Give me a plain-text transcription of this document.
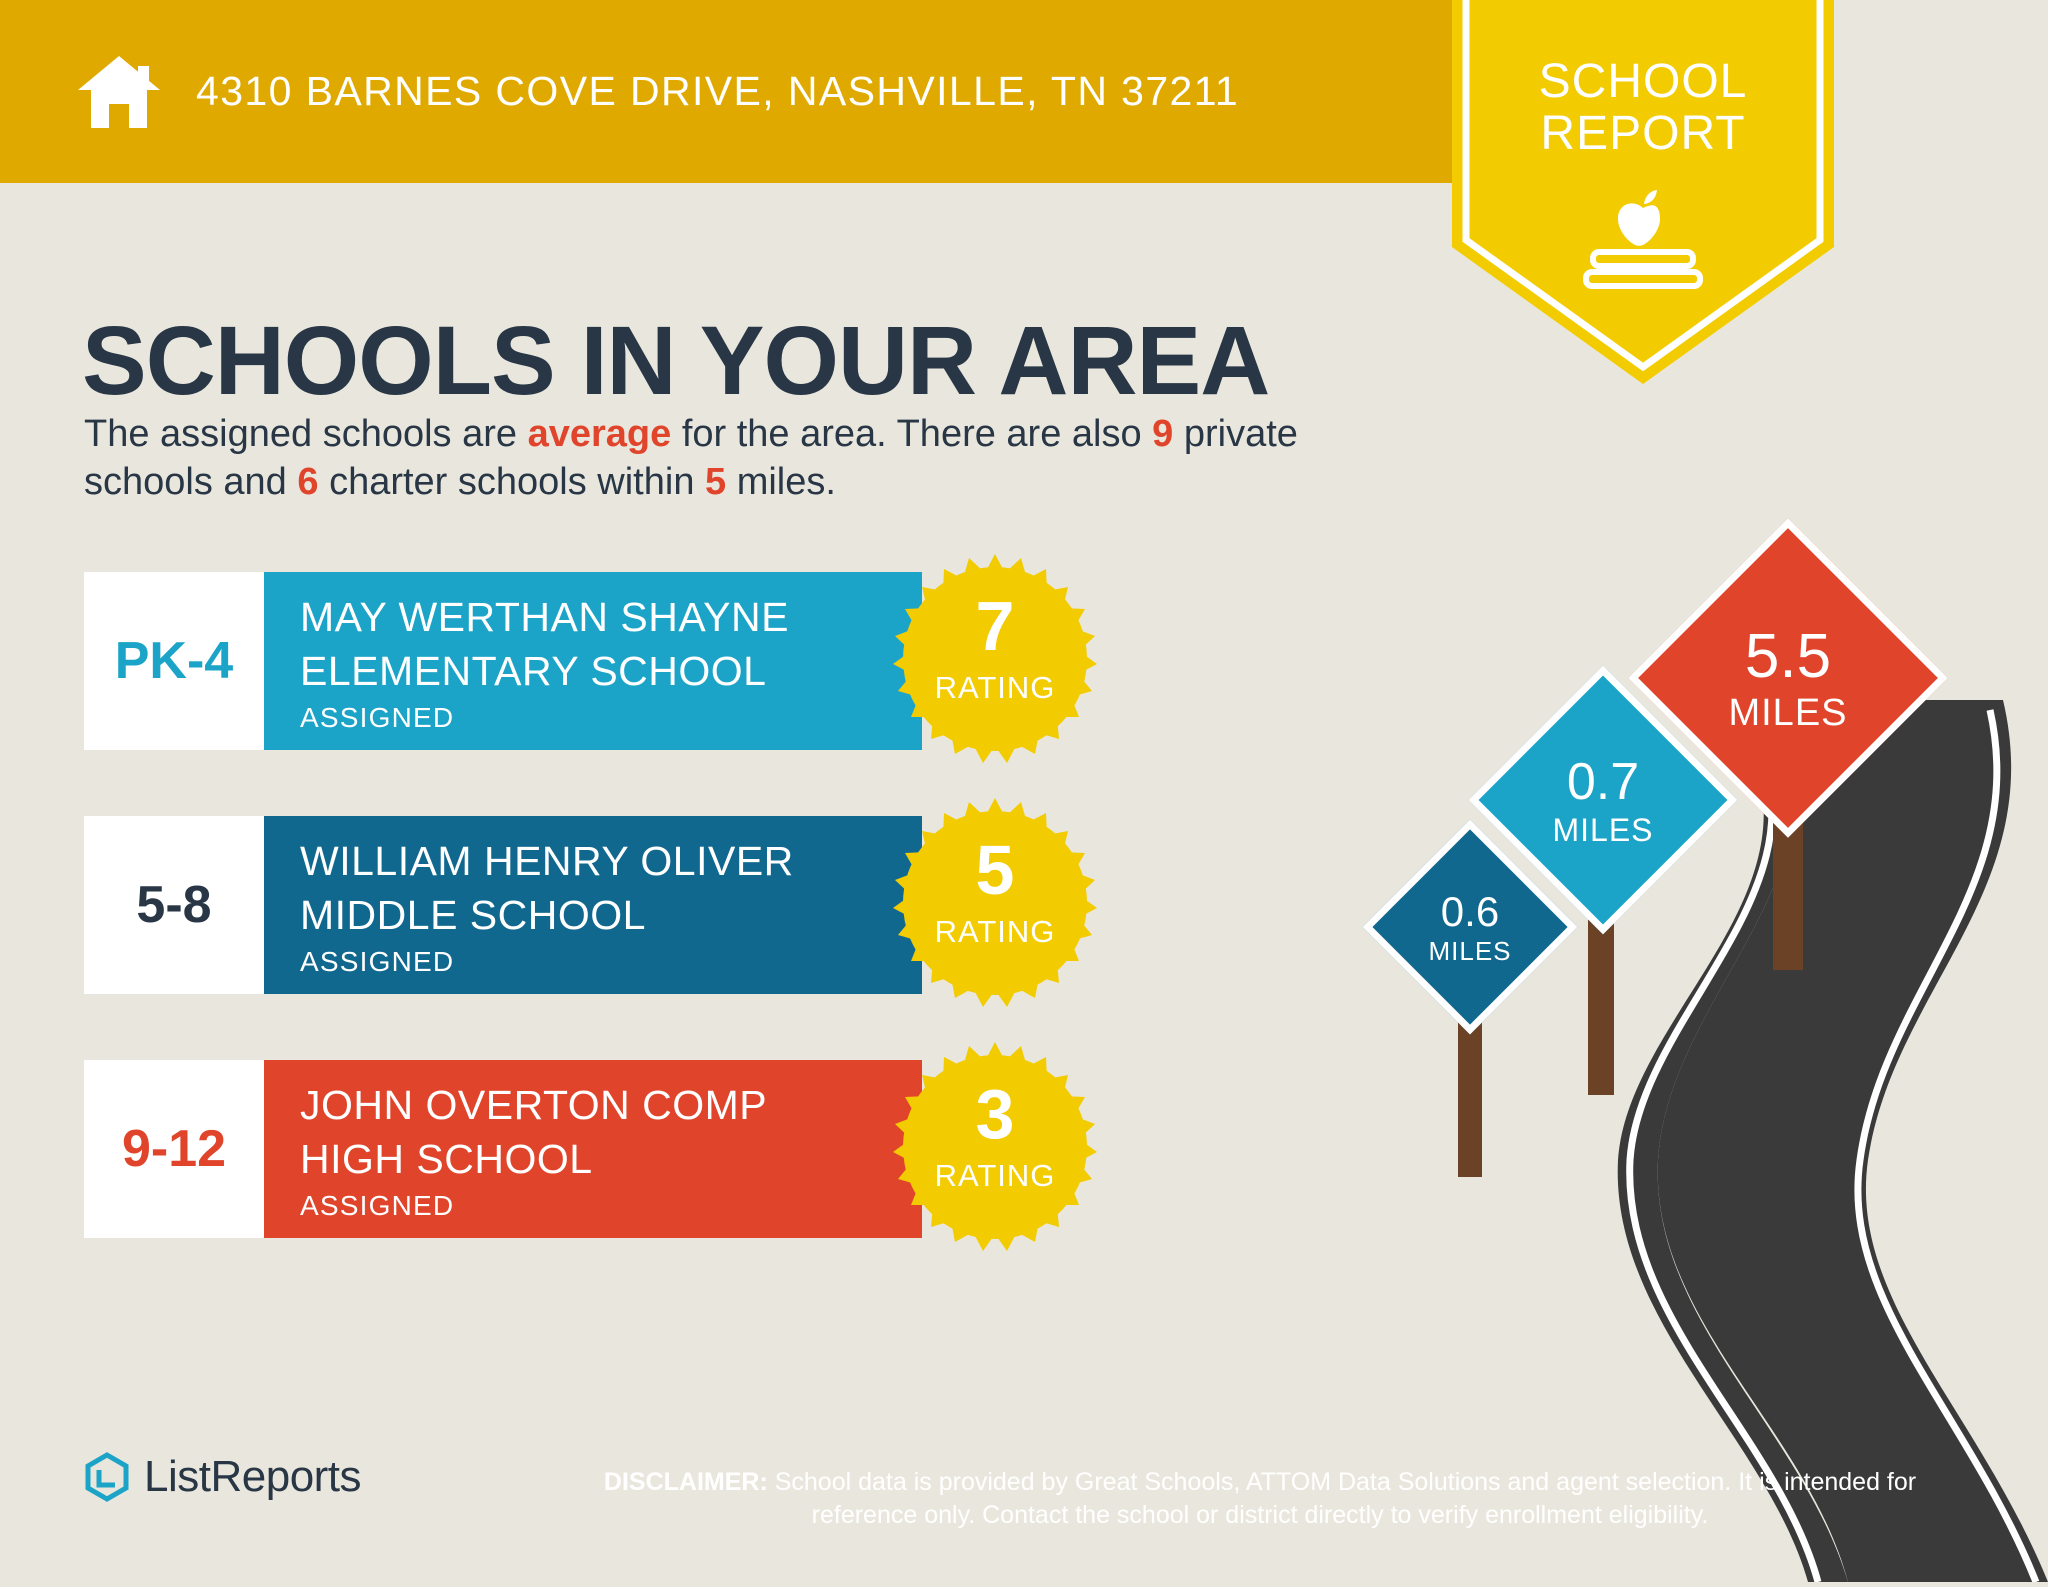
4310 BARNES COVE DRIVE, NASHVILLE, TN 37211	SCHOOL
REPORT
SCHOOLS IN YOUR AREA

The assigned schools are average for the area. There are also 9 private schools and 6 charter schools within 5 miles.

PK-4
MAY WERTHAN SHAYNE
ELEMENTARY SCHOOL
ASSIGNED
7
RATING
5-8
WILLIAM HENRY OLIVER
MIDDLE SCHOOL
ASSIGNED
5
RATING
9-12
JOHN OVERTON COMP
HIGH SCHOOL
ASSIGNED
3
RATING
5.5
MILES
0.7
MILES
0.6
MILES
ListReports	DISCLAIMER: School data is provided by Great Schools, ATTOM Data Solutions and agent selection. It is intended for reference only. Contact the school or district directly to verify enrollment eligibility.
